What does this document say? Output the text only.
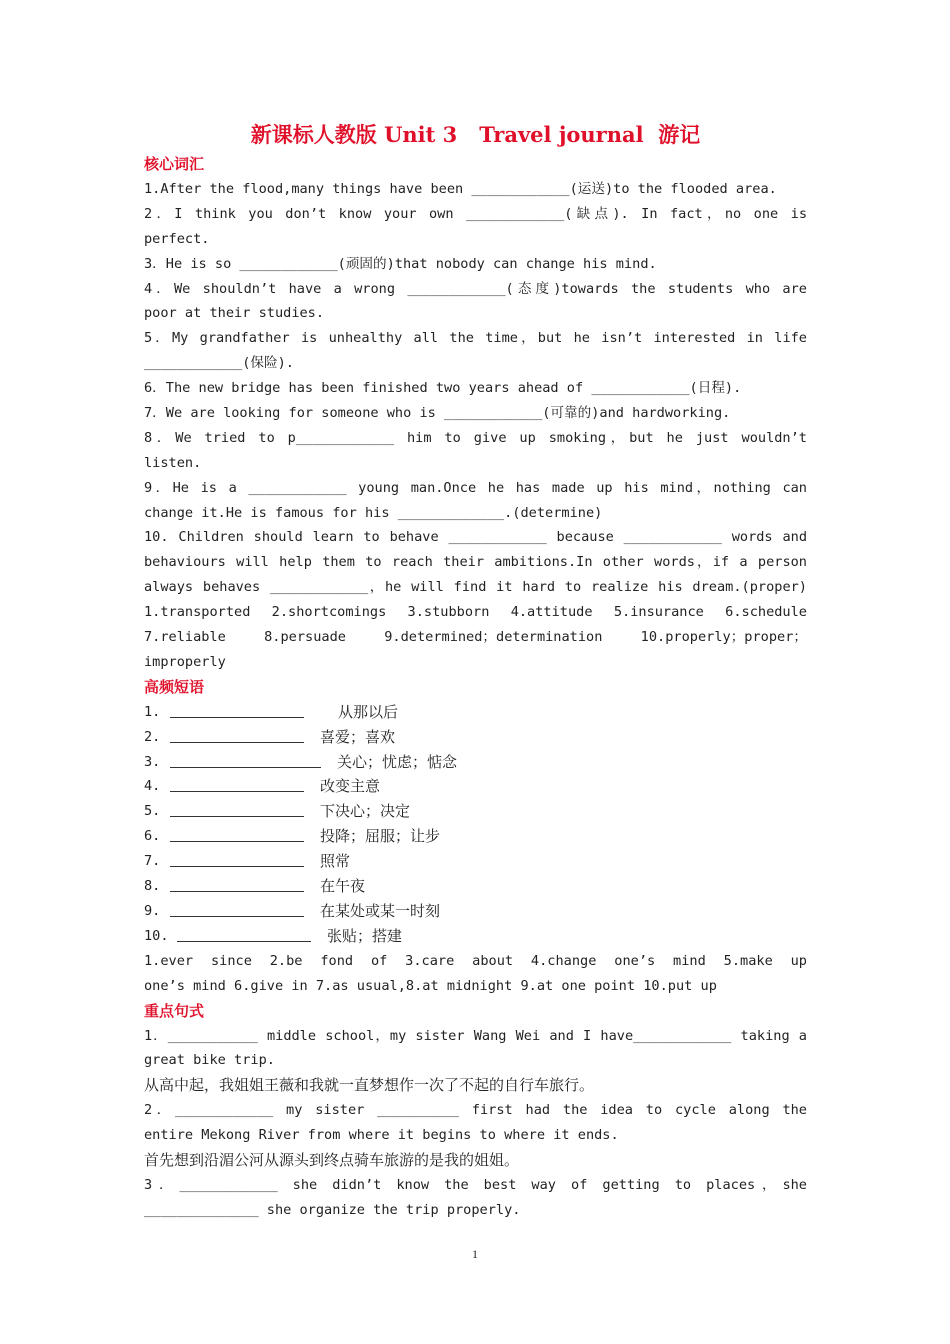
新课标人教版 Unit 3   Travel journal  游记
核心词汇
1.After the flood,many things have been ____________(运送)to the flooded area.
2．I think you don’t know your own ____________(缺点). In fact，no one is
perfect.
3．He is so ____________(顽固的)that nobody can change his mind.
4．We shouldn’t have a wrong ____________(态度)towards the students who are
poor at their studies.
5．My grandfather is unhealthy all the time，but he isn’t interested in life
____________(保险).
6．The new bridge has been finished two years ahead of ____________(日程).
7．We are looking for someone who is ____________(可靠的)and hardworking.
8．We tried to p____________ him to give up smoking，but he just wouldn’t
listen.
9．He is a ____________ young man.Once he has made up his mind，nothing can
change it.He is famous for his _____________.(determine)
10. Children should learn to behave ____________ because ____________ words and
behaviours will help them to reach their ambitions.In other words，if a person
always behaves ____________，he will find it hard to realize his dream.(proper)
1.transported 2.shortcomings 3.stubborn 4.attitude 5.insurance 6.schedule
7.reliable 8.persuade 9.determined；determination 10.properly；proper；
improperly
高频短语
1.	从那以后
2.	喜爱；喜欢
3.	关心；忧虑；惦念
4.	改变主意
5.	下决心；决定
6.	投降；屈服；让步
7.	照常
8.	在午夜
9.	在某处或某一时刻
10.	张贴；搭建
1.ever since 2.be fond of 3.care about 4.change one’s mind 5.make up
one’s mind 6.give in 7.as usual,8.at midnight 9.at one point 10.put up
重点句式
1．___________ middle school，my sister Wang Wei and I have____________ taking a
great bike trip.
从高中起，我姐姐王薇和我就一直梦想作一次了不起的自行车旅行。
2．____________ my sister __________ first had the idea to cycle along the
entire Mekong River from where it begins to where it ends.
首先想到沿湄公河从源头到终点骑车旅游的是我的姐姐。
3．____________ she didn’t know the best way of getting to places，she
______________ she organize the trip properly.
1
